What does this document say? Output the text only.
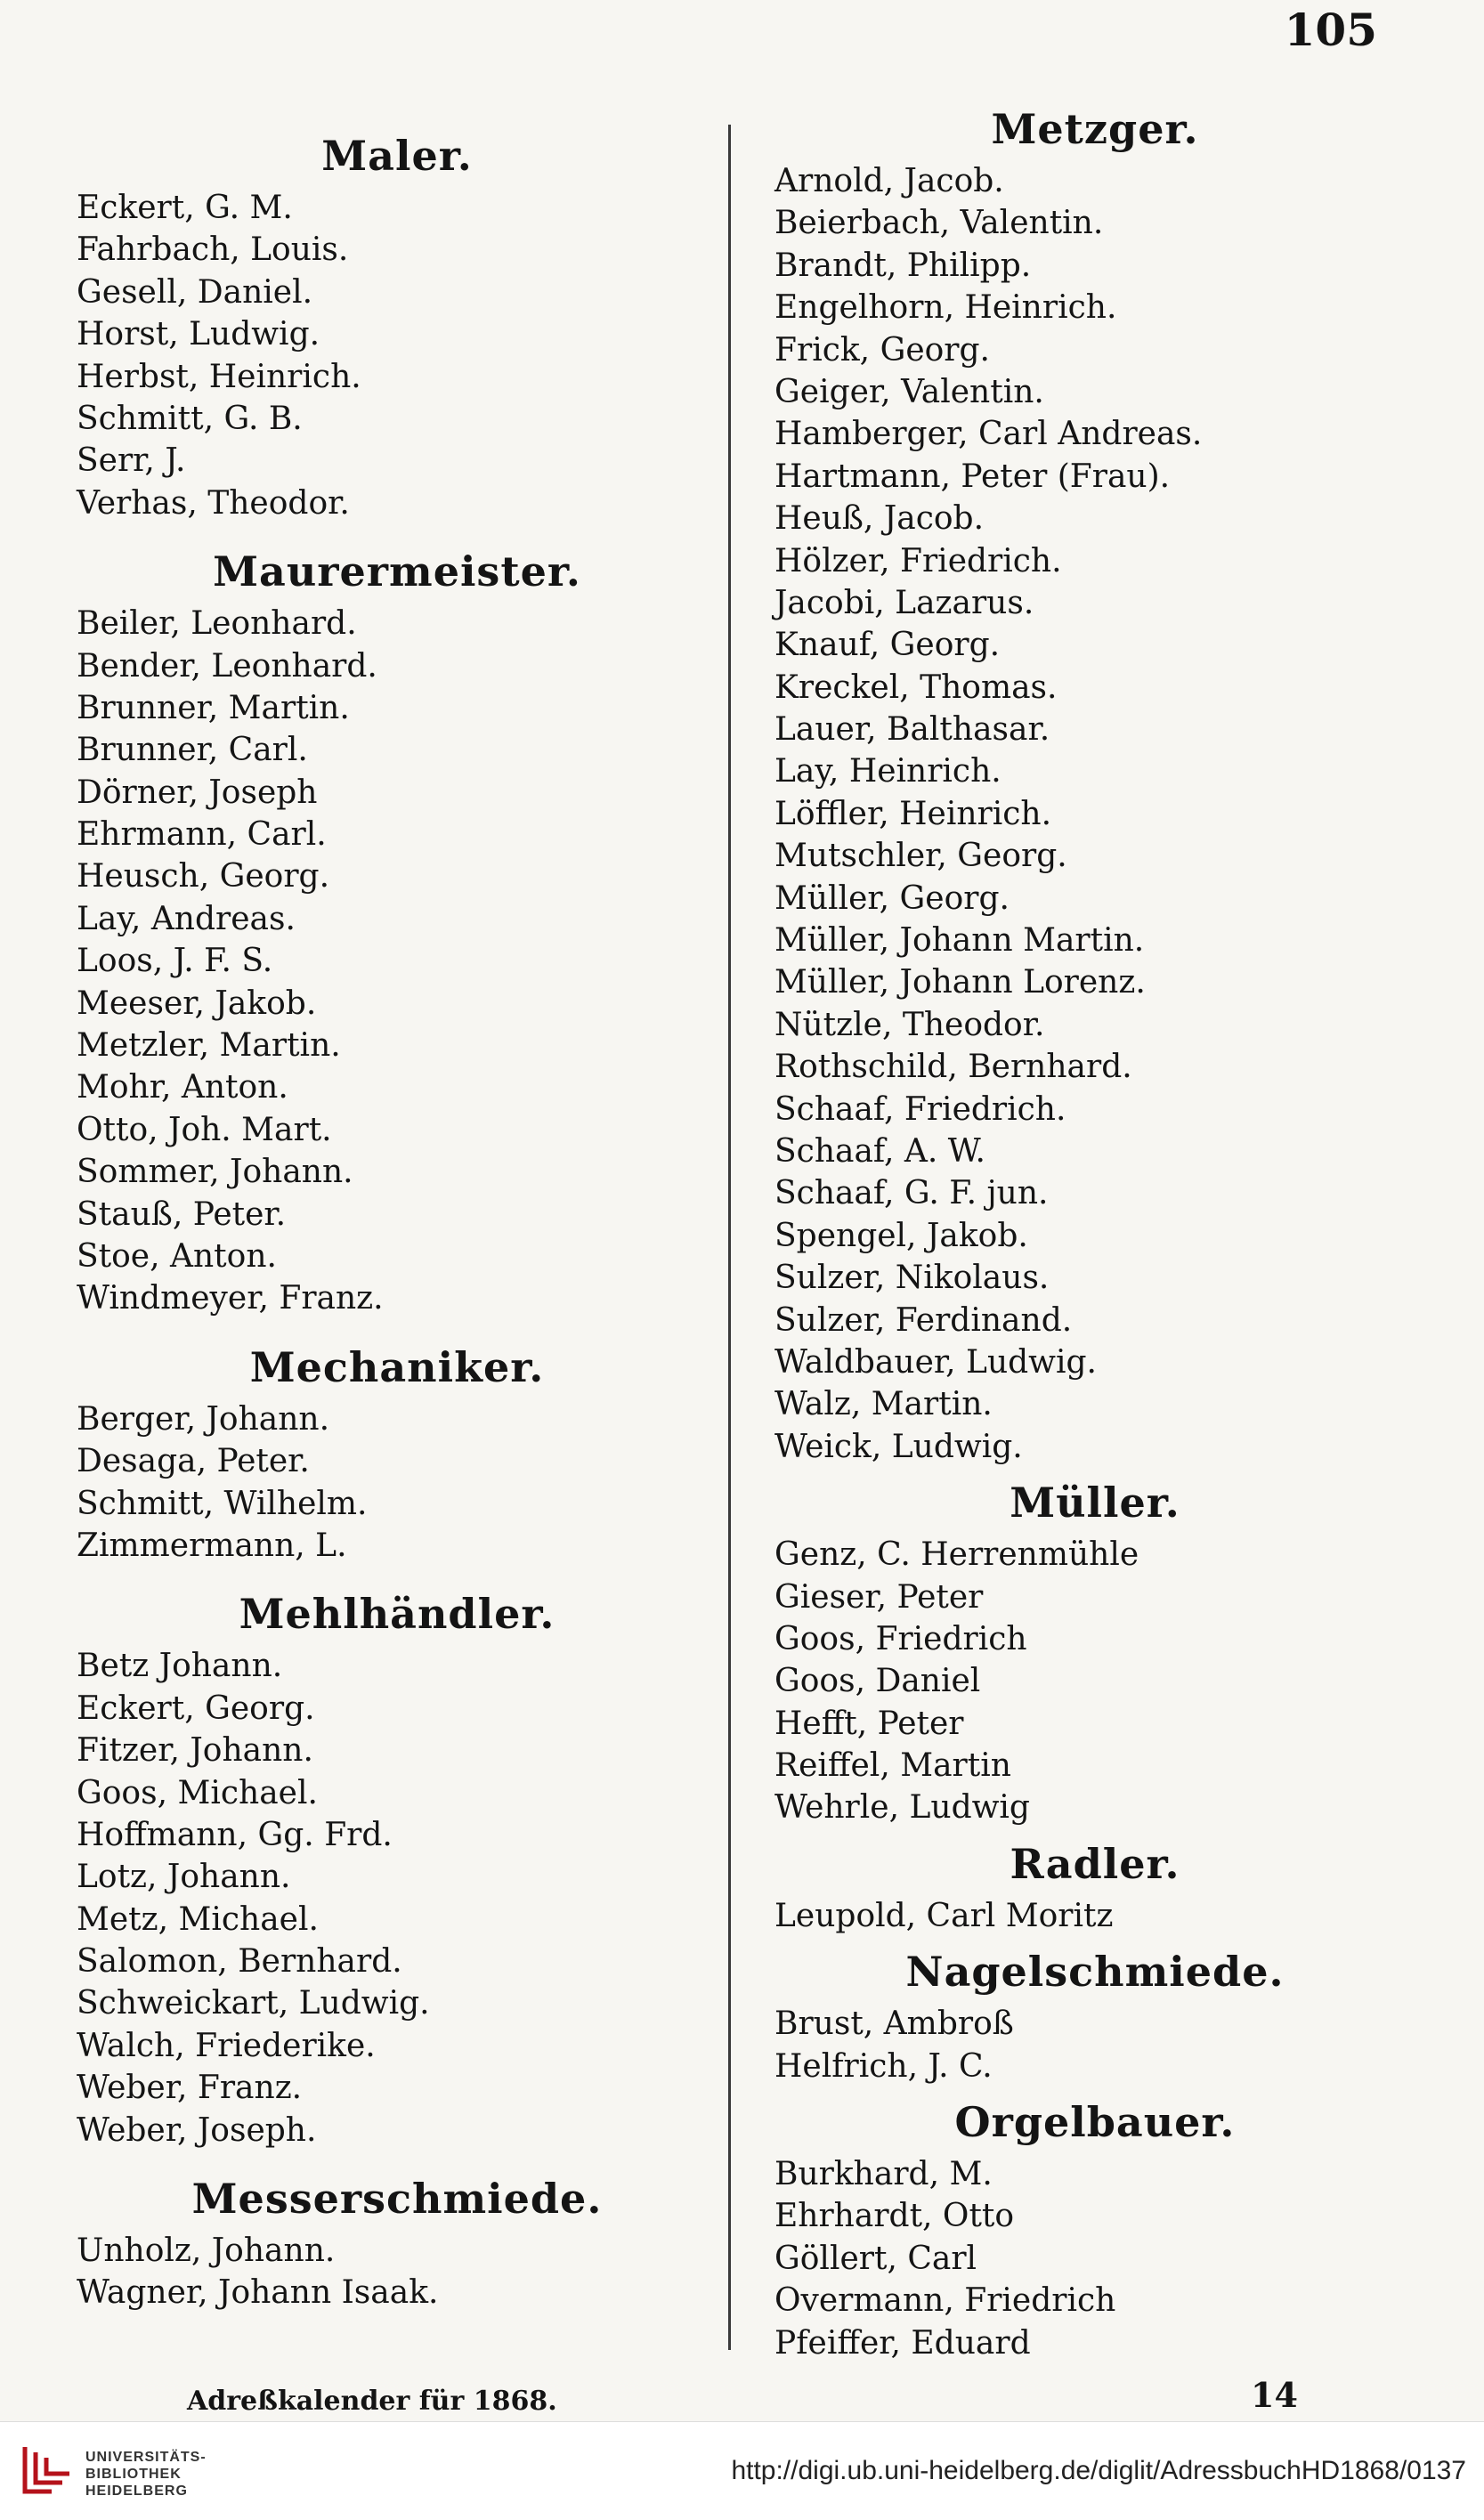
105
Maler.
Eckert, G. M.
Fahrbach, Louis.
Gesell, Daniel.
Horst, Ludwig.
Herbst, Heinrich.
Schmitt, G. B.
Serr, J.
Verhas, Theodor.
Maurermeister.
Beiler, Leonhard.
Bender, Leonhard.
Brunner, Martin.
Brunner, Carl.
Dörner, Joseph
Ehrmann, Carl.
Heusch, Georg.
Lay, Andreas.
Loos, J. F. S.
Meeser, Jakob.
Metzler, Martin.
Mohr, Anton.
Otto, Joh. Mart.
Sommer, Johann.
Stauß, Peter.
Stoe, Anton.
Windmeyer, Franz.
Mechaniker.
Berger, Johann.
Desaga, Peter.
Schmitt, Wilhelm.
Zimmermann, L.
Mehlhändler.
Betz Johann.
Eckert, Georg.
Fitzer, Johann.
Goos, Michael.
Hoffmann, Gg. Frd.
Lotz, Johann.
Metz, Michael.
Salomon, Bernhard.
Schweickart, Ludwig.
Walch, Friederike.
Weber, Franz.
Weber, Joseph.
Messerschmiede.
Unholz, Johann.
Wagner, Johann Isaak.
Metzger.
Arnold, Jacob.
Beierbach, Valentin.
Brandt, Philipp.
Engelhorn, Heinrich.
Frick, Georg.
Geiger, Valentin.
Hamberger, Carl Andreas.
Hartmann, Peter (Frau).
Heuß, Jacob.
Hölzer, Friedrich.
Jacobi, Lazarus.
Knauf, Georg.
Kreckel, Thomas.
Lauer, Balthasar.
Lay, Heinrich.
Löffler, Heinrich.
Mutschler, Georg.
Müller, Georg.
Müller, Johann Martin.
Müller, Johann Lorenz.
Nützle, Theodor.
Rothschild, Bernhard.
Schaaf, Friedrich.
Schaaf, A. W.
Schaaf, G. F. jun.
Spengel, Jakob.
Sulzer, Nikolaus.
Sulzer, Ferdinand.
Waldbauer, Ludwig.
Walz, Martin.
Weick, Ludwig.
Müller.
Genz, C. Herrenmühle
Gieser, Peter
Goos, Friedrich
Goos, Daniel
Hefft, Peter
Reiffel, Martin
Wehrle, Ludwig
Radler.
Leupold, Carl Moritz
Nagelschmiede.
Brust, Ambroß
Helfrich, J. C.
Orgelbauer.
Burkhard, M.
Ehrhardt, Otto
Göllert, Carl
Overmann, Friedrich
Pfeiffer, Eduard
Adreßkalender für 1868.	14
UNIVERSITÄTS-
BIBLIOTHEK
HEIDELBERG
http://digi.ub.uni-heidelberg.de/diglit/AdressbuchHD1868/0137
